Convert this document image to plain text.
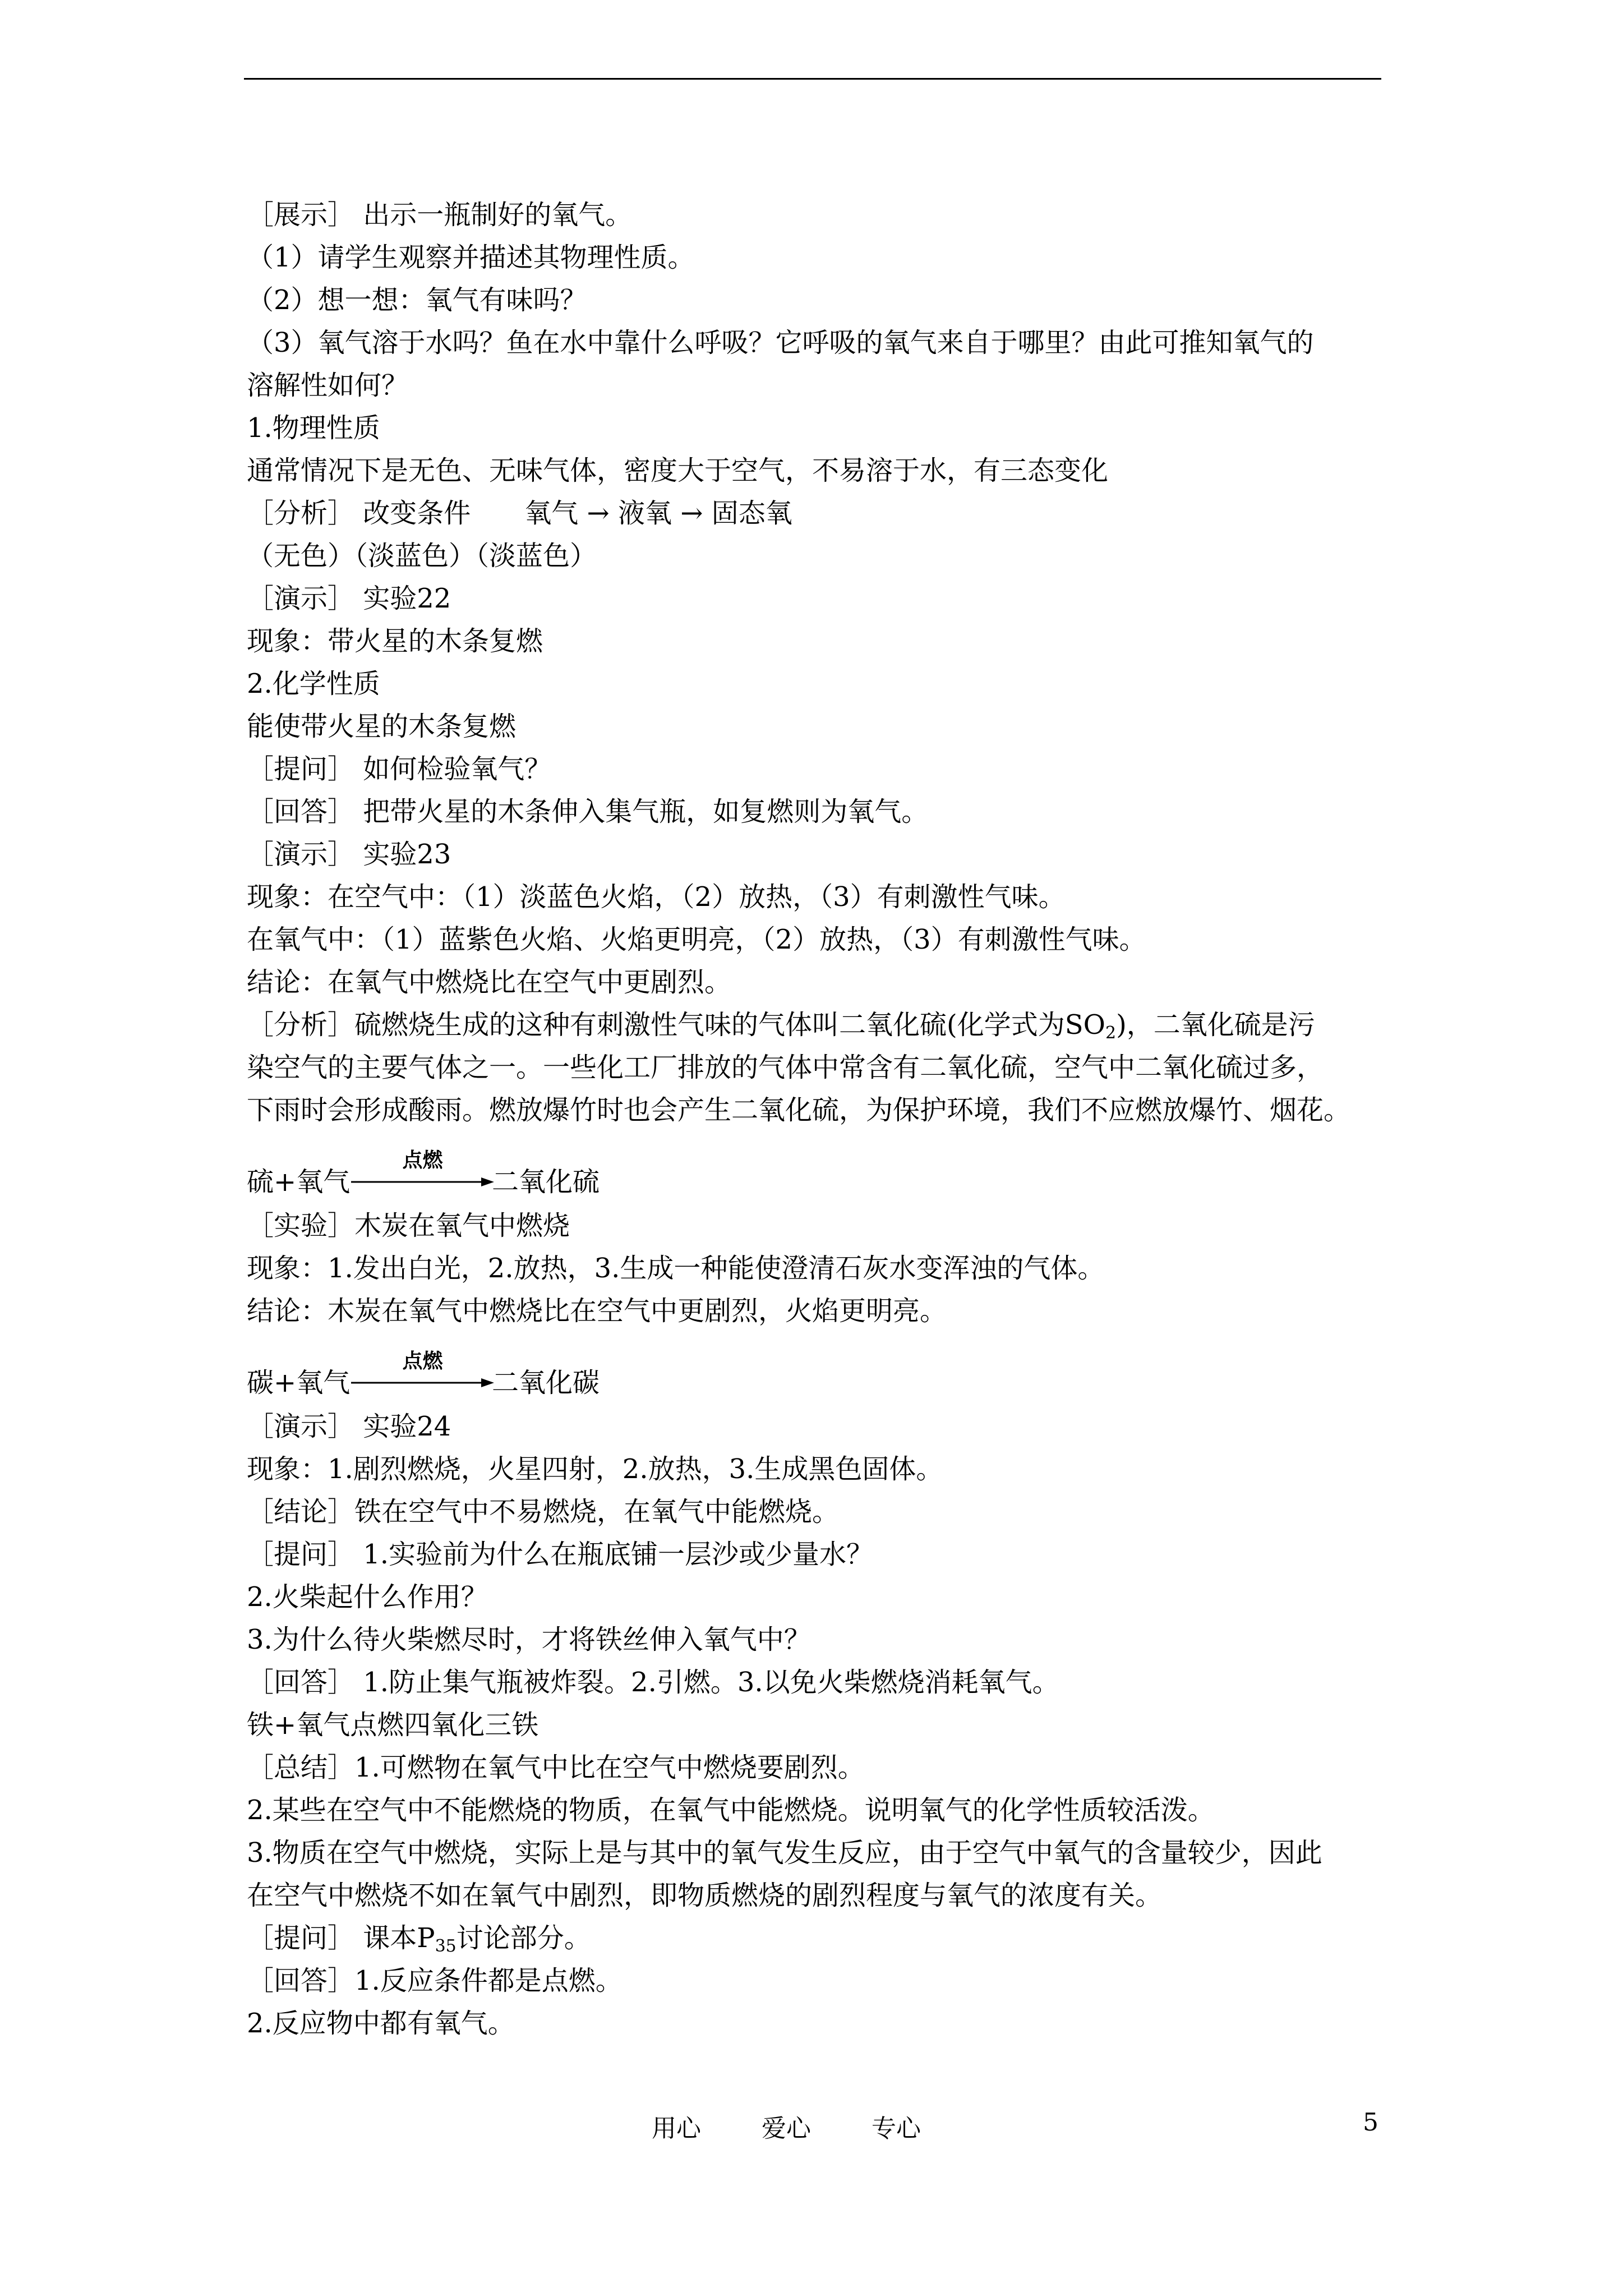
［展示］ 出示一瓶制好的氧气。
（1）请学生观察并描述其物理性质。
（2）想一想：氧气有味吗？
（3）氧气溶于水吗？鱼在水中靠什么呼吸？它呼吸的氧气来自于哪里？由此可推知氧气的
溶解性如何？
1.物理性质
通常情况下是无色、无味气体，密度大于空气，不易溶于水，有三态变化
［分析］ 改变条件　　氧气 → 液氧 → 固态氧
（无色）（淡蓝色）（淡蓝色）
［演示］ 实验22
现象：带火星的木条复燃
2.化学性质
能使带火星的木条复燃
［提问］ 如何检验氧气？
［回答］ 把带火星的木条伸入集气瓶，如复燃则为氧气。
［演示］ 实验23
现象：在空气中：（1）淡蓝色火焰，（2）放热，（3）有刺激性气味。
在氧气中：（1）蓝紫色火焰、火焰更明亮，（2）放热，（3）有刺激性气味。
结论：在氧气中燃烧比在空气中更剧烈。
［分析］硫燃烧生成的这种有刺激性气味的气体叫二氧化硫(化学式为$SO_2$)，二氧化硫是污
染空气的主要气体之一。一些化工厂排放的气体中常含有二氧化硫，空气中二氧化硫过多，
下雨时会形成酸雨。燃放爆竹时也会产生二氧化硫，为保护环境，我们不应燃放爆竹、烟花。
硫+氧气
点燃
二氧化硫
［实验］木炭在氧气中燃烧
现象：1.发出白光，2.放热，3.生成一种能使澄清石灰水变浑浊的气体。
结论：木炭在氧气中燃烧比在空气中更剧烈，火焰更明亮。
碳+氧气
点燃
二氧化碳
［演示］ 实验24
现象：1.剧烈燃烧，火星四射，2.放热，3.生成黑色固体。
［结论］铁在空气中不易燃烧，在氧气中能燃烧。
［提问］ 1.实验前为什么在瓶底铺一层沙或少量水？
2.火柴起什么作用？
3.为什么待火柴燃尽时，才将铁丝伸入氧气中？
［回答］ 1.防止集气瓶被炸裂。2.引燃。3.以免火柴燃烧消耗氧气。
铁+氧气点燃四氧化三铁
［总结］1.可燃物在氧气中比在空气中燃烧要剧烈。
2.某些在空气中不能燃烧的物质，在氧气中能燃烧。说明氧气的化学性质较活泼。
3.物质在空气中燃烧，实际上是与其中的氧气发生反应，由于空气中氧气的含量较少，因此
在空气中燃烧不如在氧气中剧烈，即物质燃烧的剧烈程度与氧气的浓度有关。
［提问］ 课本$P_{35}$讨论部分。
［回答］1.反应条件都是点燃。
2.反应物中都有氧气。
用心 爱心 专心	5
